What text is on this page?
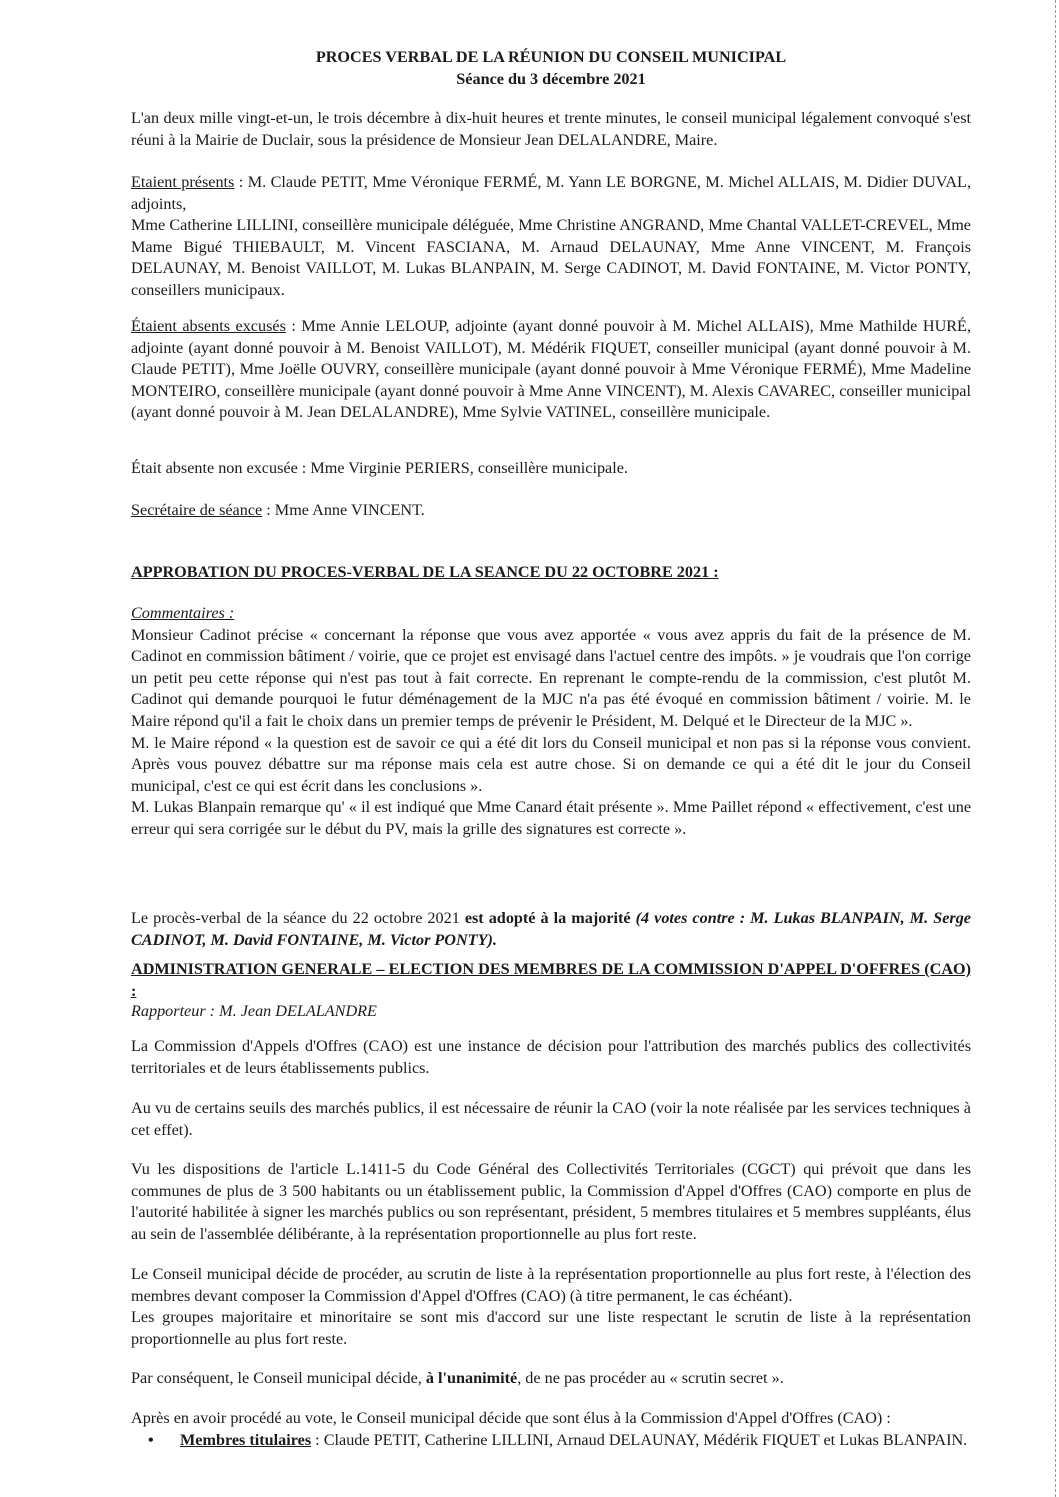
PROCES VERBAL DE LA RÉUNION DU CONSEIL MUNICIPAL
Séance du 3 décembre 2021

L'an deux mille vingt-et-un, le trois décembre à dix-huit heures et trente minutes, le conseil municipal légalement convoqué s'est réuni à la Mairie de Duclair, sous la présidence de Monsieur Jean DELALANDRE, Maire.

Etaient présents : M. Claude PETIT, Mme Véronique FERMÉ, M. Yann LE BORGNE, M. Michel ALLAIS, M. Didier DUVAL, adjoints,

Mme Catherine LILLINI, conseillère municipale déléguée, Mme Christine ANGRAND, Mme Chantal VALLET-CREVEL, Mme Mame Bigué THIEBAULT, M. Vincent FASCIANA, M. Arnaud DELAUNAY, Mme Anne VINCENT, M. François DELAUNAY, M. Benoist VAILLOT, M. Lukas BLANPAIN, M. Serge CADINOT, M. David FONTAINE, M. Victor PONTY, conseillers municipaux.

Étaient absents excusés : Mme Annie LELOUP, adjointe (ayant donné pouvoir à M. Michel ALLAIS), Mme Mathilde HURÉ, adjointe (ayant donné pouvoir à M. Benoist VAILLOT), M. Médérik FIQUET, conseiller municipal (ayant donné pouvoir à M. Claude PETIT), Mme Joëlle OUVRY, conseillère municipale (ayant donné pouvoir à Mme Véronique FERMÉ), Mme Madeline MONTEIRO, conseillère municipale (ayant donné pouvoir à Mme Anne VINCENT), M. Alexis CAVAREC, conseiller municipal (ayant donné pouvoir à M. Jean DELALANDRE), Mme Sylvie VATINEL, conseillère municipale.

Était absente non excusée : Mme Virginie PERIERS, conseillère municipale.

Secrétaire de séance : Mme Anne VINCENT.

APPROBATION DU PROCES-VERBAL DE LA SEANCE DU 22 OCTOBRE 2021 :

Commentaires :

Monsieur Cadinot précise « concernant la réponse que vous avez apportée « vous avez appris du fait de la présence de M. Cadinot en commission bâtiment / voirie, que ce projet est envisagé dans l'actuel centre des impôts. » je voudrais que l'on corrige un petit peu cette réponse qui n'est pas tout à fait correcte. En reprenant le compte-rendu de la commission, c'est plutôt M. Cadinot qui demande pourquoi le futur déménagement de la MJC n'a pas été évoqué en commission bâtiment / voirie. M. le Maire répond qu'il a fait le choix dans un premier temps de prévenir le Président, M. Delqué et le Directeur de la MJC ».

M. le Maire répond « la question est de savoir ce qui a été dit lors du Conseil municipal et non pas si la réponse vous convient. Après vous pouvez débattre sur ma réponse mais cela est autre chose. Si on demande ce qui a été dit le jour du Conseil municipal, c'est ce qui est écrit dans les conclusions ».

M. Lukas Blanpain remarque qu' « il est indiqué que Mme Canard était présente ». Mme Paillet répond « effectivement, c'est une erreur qui sera corrigée sur le début du PV, mais la grille des signatures est correcte ».

Le procès-verbal de la séance du 22 octobre 2021 est adopté à la majorité (4 votes contre : M. Lukas BLANPAIN, M. Serge CADINOT, M. David FONTAINE, M. Victor PONTY).

ADMINISTRATION GENERALE – ELECTION DES MEMBRES DE LA COMMISSION D'APPEL D'OFFRES (CAO) :

Rapporteur : M. Jean DELALANDRE

La Commission d'Appels d'Offres (CAO) est une instance de décision pour l'attribution des marchés publics des collectivités territoriales et de leurs établissements publics.

Au vu de certains seuils des marchés publics, il est nécessaire de réunir la CAO (voir la note réalisée par les services techniques à cet effet).

Vu les dispositions de l'article L.1411-5 du Code Général des Collectivités Territoriales (CGCT) qui prévoit que dans les communes de plus de 3 500 habitants ou un établissement public, la Commission d'Appel d'Offres (CAO) comporte en plus de l'autorité habilitée à signer les marchés publics ou son représentant, président, 5 membres titulaires et 5 membres suppléants, élus au sein de l'assemblée délibérante, à la représentation proportionnelle au plus fort reste.

Le Conseil municipal décide de procéder, au scrutin de liste à la représentation proportionnelle au plus fort reste, à l'élection des membres devant composer la Commission d'Appel d'Offres (CAO) (à titre permanent, le cas échéant).

Les groupes majoritaire et minoritaire se sont mis d'accord sur une liste respectant le scrutin de liste à la représentation proportionnelle au plus fort reste.

Par conséquent, le Conseil municipal décide, à l'unanimité, de ne pas procéder au « scrutin secret ».

Après en avoir procédé au vote, le Conseil municipal décide que sont élus à la Commission d'Appel d'Offres (CAO) :

• Membres titulaires : Claude PETIT, Catherine LILLINI, Arnaud DELAUNAY, Médérik FIQUET et Lukas BLANPAIN.
